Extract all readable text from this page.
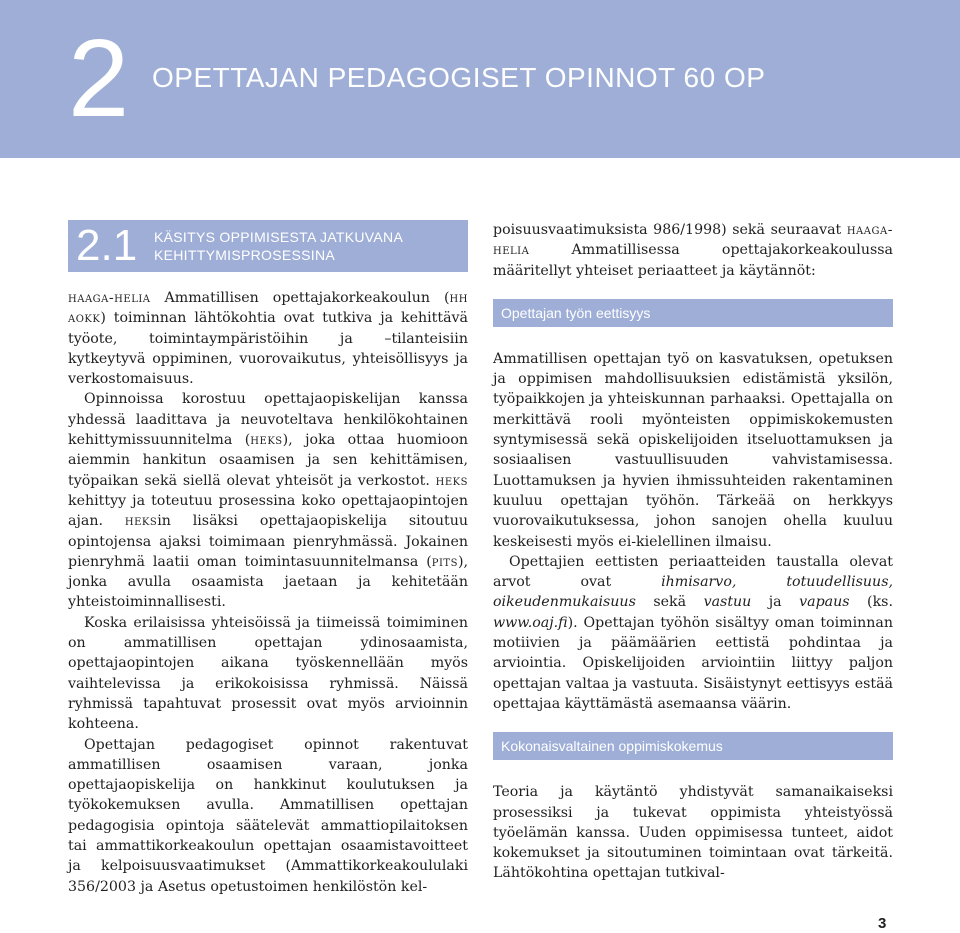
2 OPETTAJAN PEDAGOGISET OPINNOT 60 OP
2.1 KÄSITYS OPPIMISESTA JATKUVANA
KEHITTYMISPROSESSINA

haaga-helia Ammatillisen opettajakorkeakoulun (hh aokk) toiminnan lähtökohtia ovat tutkiva ja kehittävä työote, toimintaympäristöihin ja –tilanteisiin kytkeytyvä oppiminen, vuorovaikutus, yhteisöllisyys ja verkostomaisuus.

Opinnoissa korostuu opettajaopiskelijan kanssa yhdessä laadittava ja neuvoteltava henkilökohtainen kehittymissuunnitelma (heks), joka ottaa huomioon aiemmin hankitun osaamisen ja sen kehittämisen, työpaikan sekä siellä olevat yhteisöt ja verkostot. heks kehittyy ja toteutuu prosessina koko opettajaopintojen ajan. heksin lisäksi opettajaopiskelija sitoutuu opintojensa ajaksi toimimaan pienryhmässä. Jokainen pienryhmä laatii oman toimintasuunnitelmansa (pits), jonka avulla osaamista jaetaan ja kehitetään yhteistoiminnallisesti.

Koska erilaisissa yhteisöissä ja tiimeissä toimiminen on ammatillisen opettajan ydinosaamista, opettajaopintojen aikana työskennellään myös vaihtelevissa ja erikokoisissa ryhmissä. Näissä ryhmissä tapahtuvat prosessit ovat myös arvioinnin kohteena.

Opettajan pedagogiset opinnot rakentuvat ammatillisen osaamisen varaan, jonka opettajaopiskelija on hankkinut koulutuksen ja työkokemuksen avulla. Ammatillisen opettajan pedagogisia opintoja säätelevät ammattiopilaitoksen tai ammattikorkeakoulun opettajan osaamistavoitteet ja kelpoisuusvaatimukset (Ammattikorkeakoululaki 356/2003 ja Asetus opetustoimen henkilöstön kel-

poisuusvaatimuksista 986/1998) sekä seuraavat haaga-helia Ammatillisessa opettajakorkeakoulussa määritellyt yhteiset periaatteet ja käytännöt:

Opettajan työn eettisyys

Ammatillisen opettajan työ on kasvatuksen, opetuksen ja oppimisen mahdollisuuksien edistämistä yksilön, työpaikkojen ja yhteiskunnan parhaaksi. Opettajalla on merkittävä rooli myönteisten oppimiskokemusten syntymisessä sekä opiskelijoiden itseluottamuksen ja sosiaalisen vastuullisuuden vahvistamisessa. Luottamuksen ja hyvien ihmissuhteiden rakentaminen kuuluu opettajan työhön. Tärkeää on herkkyys vuorovaikutuksessa, johon sanojen ohella kuuluu keskeisesti myös ei-kielellinen ilmaisu.

Opettajien eettisten periaatteiden taustalla olevat arvot ovat ihmisarvo, totuudellisuus, oikeudenmukaisuus sekä vastuu ja vapaus (ks. www.oaj.fi). Opettajan työhön sisältyy oman toiminnan motiivien ja päämäärien eettistä pohdintaa ja arviointia. Opiskelijoiden arviointiin liittyy paljon opettajan valtaa ja vastuuta. Sisäistynyt eettisyys estää opettajaa käyttämästä asemaansa väärin.

Kokonaisvaltainen oppimiskokemus

Teoria ja käytäntö yhdistyvät samanaikaiseksi prosessiksi ja tukevat oppimista yhteistyössä työelämän kanssa. Uuden oppimisessa tunteet, aidot kokemukset ja sitoutuminen toimintaan ovat tärkeitä. Lähtökohtina opettajan tutkival-

3
